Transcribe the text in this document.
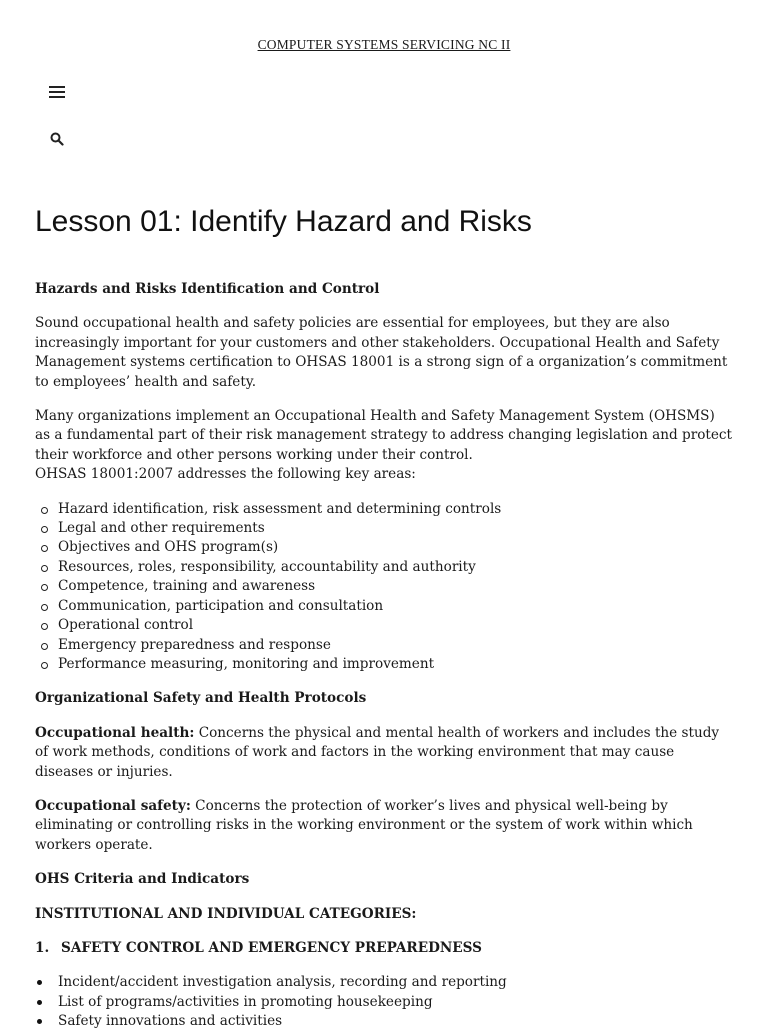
COMPUTER SYSTEMS SERVICING NC II
Lesson 01: Identify Hazard and Risks

Hazards and Risks Identification and Control

Sound occupational health and safety policies are essential for employees, but they are also increasingly important for your customers and other stakeholders. Occupational Health and Safety Management systems certification to OHSAS 18001 is a strong sign of a organization’s commitment to employees’ health and safety.

Many organizations implement an Occupational Health and Safety Management System (OHSMS) as a fundamental part of their risk management strategy to address changing legislation and protect their workforce and other persons working under their control.
OHSAS 18001:2007 addresses the following key areas:

Hazard identification, risk assessment and determining controls
Legal and other requirements
Objectives and OHS program(s)
Resources, roles, responsibility, accountability and authority
Competence, training and awareness
Communication, participation and consultation
Operational control
Emergency preparedness and response
Performance measuring, monitoring and improvement

Organizational Safety and Health Protocols

Occupational health: Concerns the physical and mental health of workers and includes the study of work methods, conditions of work and factors in the working environment that may cause diseases or injuries.

Occupational safety: Concerns the protection of worker’s lives and physical well-being by eliminating or controlling risks in the working environment or the system of work within which workers operate.

OHS Criteria and Indicators

INSTITUTIONAL AND INDIVIDUAL CATEGORIES:

1. SAFETY CONTROL AND EMERGENCY PREPAREDNESS

Incident/accident investigation analysis, recording and reporting
List of programs/activities in promoting housekeeping
Safety innovations and activities
